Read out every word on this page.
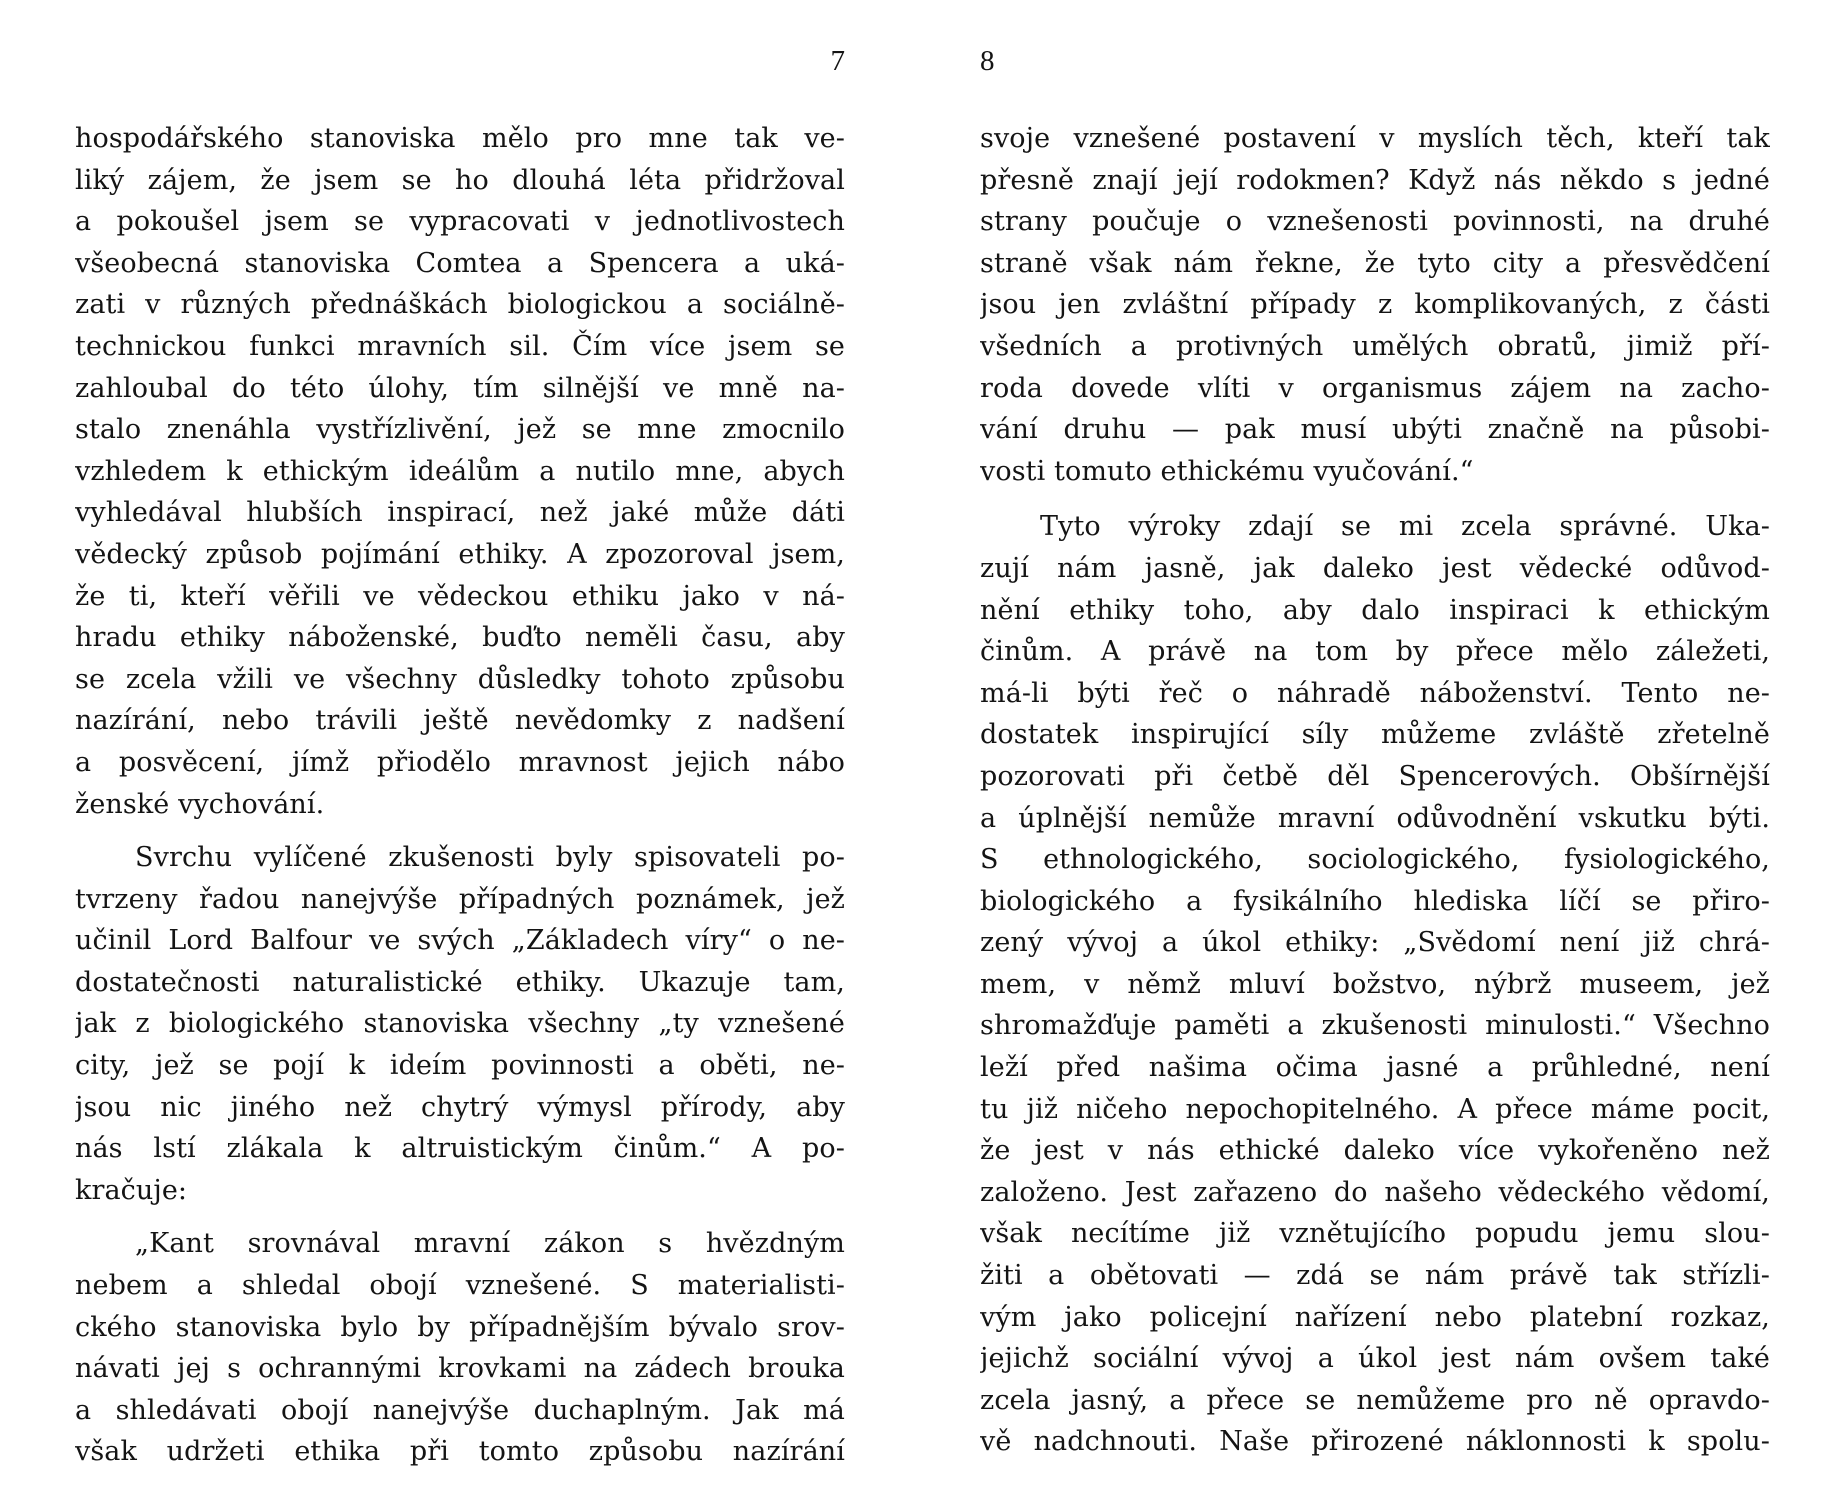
7
hospodářského stanoviska mělo pro mne tak ve-
liký zájem, že jsem se ho dlouhá léta přidržoval
a pokoušel jsem se vypracovati v jednotlivostech
všeobecná stanoviska Comtea a Spencera a uká-
zati v různých přednáškách biologickou a sociálně-
technickou funkci mravních sil. Čím více jsem se
zahloubal do této úlohy, tím silnější ve mně na-
stalo znenáhla vystřízlivění, jež se mne zmocnilo
vzhledem k ethickým ideálům a nutilo mne, abych
vyhledával hlubších inspirací, než jaké může dáti
vědecký způsob pojímání ethiky. A zpozoroval jsem,
že ti, kteří věřili ve vědeckou ethiku jako v ná-
hradu ethiky náboženské, buďto neměli času, aby
se zcela vžili ve všechny důsledky tohoto způsobu
nazírání, nebo trávili ještě nevědomky z nadšení
a posvěcení, jímž přiodělo mravnost jejich nábo
ženské vychování.
Svrchu vylíčené zkušenosti byly spisovateli po-
tvrzeny řadou nanejvýše případných poznámek, jež
učinil Lord Balfour ve svých „Základech víry“ o ne-
dostatečnosti naturalistické ethiky. Ukazuje tam,
jak z biologického stanoviska všechny „ty vznešené
city, jež se pojí k ideím povinnosti a oběti, ne-
jsou nic jiného než chytrý výmysl přírody, aby
nás lstí zlákala k altruistickým činům.“ A po-
kračuje:
„Kant srovnával mravní zákon s hvězdným
nebem a shledal obojí vznešené. S materialisti-
ckého stanoviska bylo by případnějším bývalo srov-
návati jej s ochrannými krovkami na zádech brouka
a shledávati obojí nanejvýše duchaplným. Jak má
však udržeti ethika při tomto způsobu nazírání
8
svoje vznešené postavení v myslích těch, kteří tak
přesně znají její rodokmen? Když nás někdo s jedné
strany poučuje o vznešenosti povinnosti, na druhé
straně však nám řekne, že tyto city a přesvědčení
jsou jen zvláštní případy z komplikovaných, z části
všedních a protivných umělých obratů, jimiž pří-
roda dovede vlíti v organismus zájem na zacho-
vání druhu — pak musí ubýti značně na působi-
vosti tomuto ethickému vyučování.“
Tyto výroky zdají se mi zcela správné. Uka-
zují nám jasně, jak daleko jest vědecké odůvod-
nění ethiky toho, aby dalo inspiraci k ethickým
činům. A právě na tom by přece mělo záležeti,
má-li býti řeč o náhradě náboženství. Tento ne-
dostatek inspirující síly můžeme zvláště zřetelně
pozorovati při četbě děl Spencerových. Obšírnější
a úplnější nemůže mravní odůvodnění vskutku býti.
S ethnologického, sociologického, fysiologického,
biologického a fysikálního hlediska líčí se přiro-
zený vývoj a úkol ethiky: „Svědomí není již chrá-
mem, v němž mluví božstvo, nýbrž museem, jež
shromažďuje paměti a zkušenosti minulosti.“ Všechno
leží před našima očima jasné a průhledné, není
tu již ničeho nepochopitelného. A přece máme pocit,
že jest v nás ethické daleko více vykořeněno než
založeno. Jest zařazeno do našeho vědeckého vědomí,
však necítíme již vznětujícího popudu jemu slou-
žiti a obětovati — zdá se nám právě tak střízli-
vým jako policejní nařízení nebo platební rozkaz,
jejichž sociální vývoj a úkol jest nám ovšem také
zcela jasný, a přece se nemůžeme pro ně opravdo-
vě nadchnouti. Naše přirozené náklonnosti k spolu-
